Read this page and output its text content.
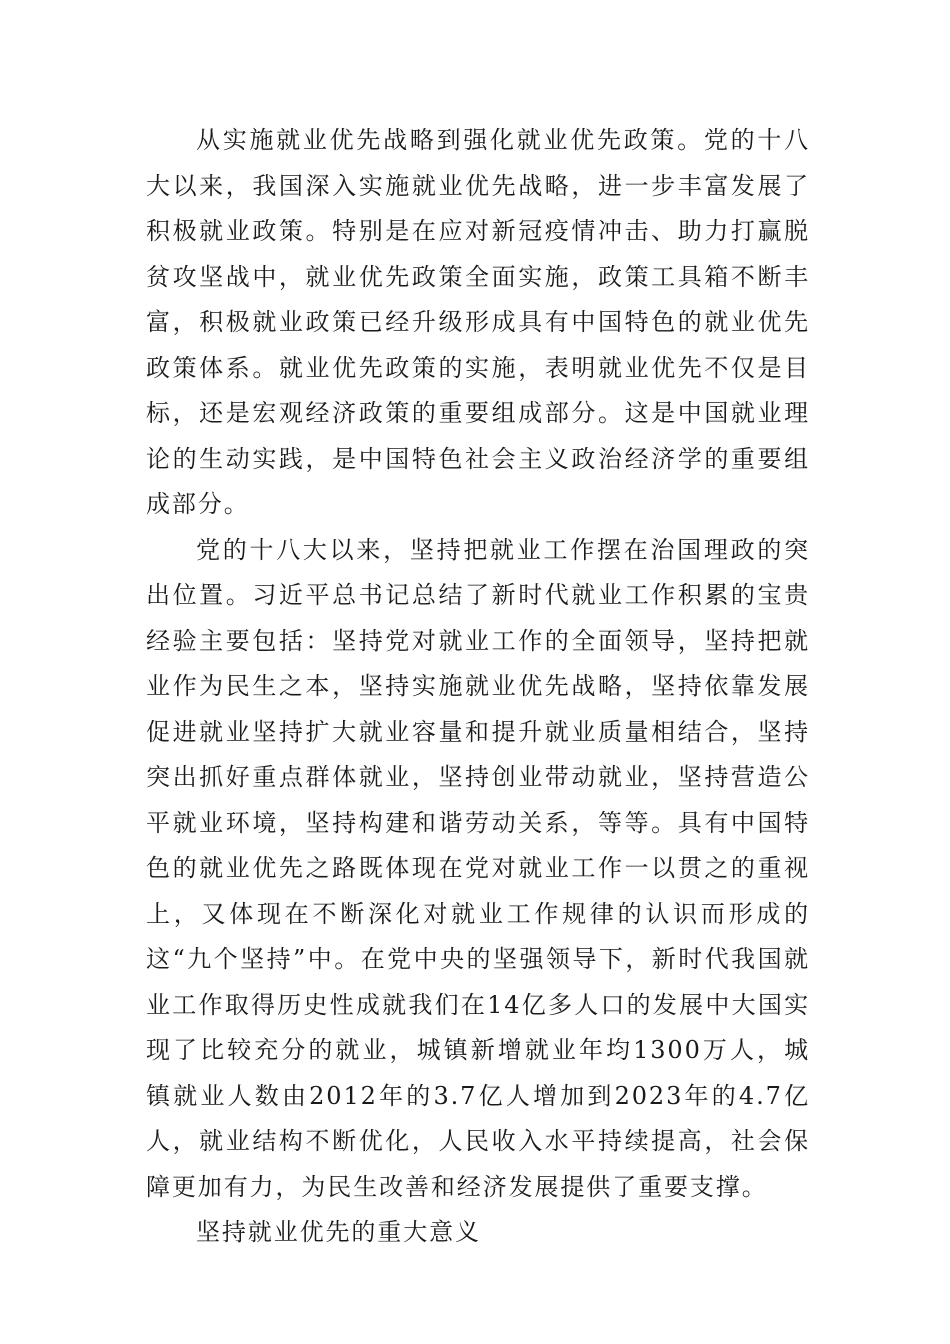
从实施就业优先战略到强化就业优先政策。党的十八大以来，我国深入实施就业优先战略，进一步丰富发展了积极就业政策。特别是在应对新冠疫情冲击、助力打赢脱贫攻坚战中，就业优先政策全面实施，政策工具箱不断丰富，积极就业政策已经升级形成具有中国特色的就业优先政策体系。就业优先政策的实施，表明就业优先不仅是目标，还是宏观经济政策的重要组成部分。这是中国就业理论的生动实践，是中国特色社会主义政治经济学的重要组成部分。

党的十八大以来，坚持把就业工作摆在治国理政的突出位置。习近平总书记总结了新时代就业工作积累的宝贵经验主要包括：坚持党对就业工作的全面领导，坚持把就业作为民生之本，坚持实施就业优先战略，坚持依靠发展促进就业坚持扩大就业容量和提升就业质量相结合，坚持突出抓好重点群体就业，坚持创业带动就业，坚持营造公平就业环境，坚持构建和谐劳动关系，等等。具有中国特色的就业优先之路既体现在党对就业工作一以贯之的重视上，又体现在不断深化对就业工作规律的认识而形成的这“九个坚持”中。在党中央的坚强领导下，新时代我国就业工作取得历史性成就我们在14亿多人口的发展中大国实现了比较充分的就业，城镇新增就业年均1300万人，城镇就业人数由2012年的3.7亿人增加到2023年的4.7亿人，就业结构不断优化，人民收入水平持续提高，社会保障更加有力，为民生改善和经济发展提供了重要支撑。

坚持就业优先的重大意义
